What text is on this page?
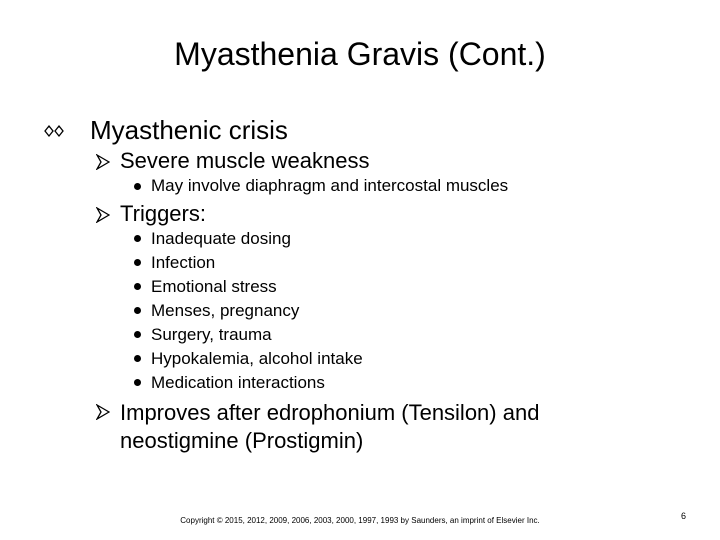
Myasthenia Gravis (Cont.)
Myasthenic crisis
Severe muscle weakness
May involve diaphragm and intercostal muscles
Triggers:
Inadequate dosing
Infection
Emotional stress
Menses, pregnancy
Surgery, trauma
Hypokalemia, alcohol intake
Medication interactions
Improves after edrophonium (Tensilon) and
neostigmine (Prostigmin)
Copyright © 2015, 2012, 2009, 2006, 2003, 2000, 1997, 1993 by Saunders, an imprint of Elsevier Inc.	6
